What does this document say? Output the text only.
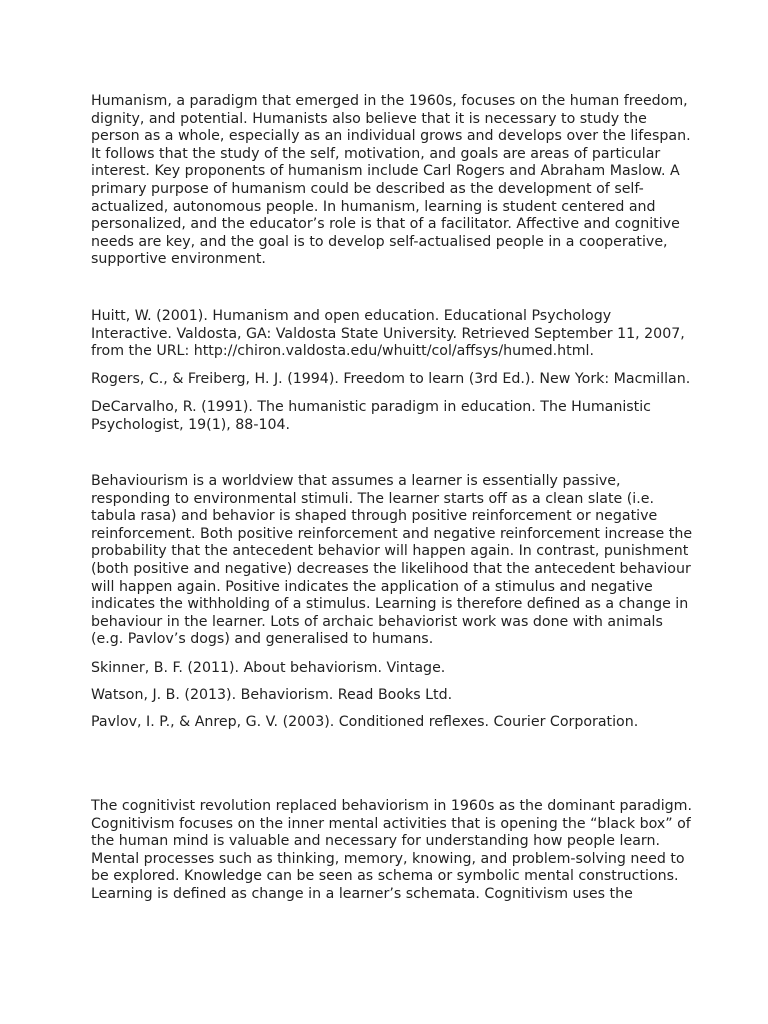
Humanism, a paradigm that emerged in the 1960s, focuses on the human freedom,
dignity, and potential. Humanists also believe that it is necessary to study the
person as a whole, especially as an individual grows and develops over the lifespan.
It follows that the study of the self, motivation, and goals are areas of particular
interest. Key proponents of humanism include Carl Rogers and Abraham Maslow. A
primary purpose of humanism could be described as the development of self-
actualized, autonomous people. In humanism, learning is student centered and
personalized, and the educator’s role is that of a facilitator. Affective and cognitive
needs are key, and the goal is to develop self-actualised people in a cooperative,
supportive environment.

Huitt, W. (2001). Humanism and open education. Educational Psychology
Interactive. Valdosta, GA: Valdosta State University. Retrieved September 11, 2007,
from the URL: http://chiron.valdosta.edu/whuitt/col/affsys/humed.html.

Rogers, C., & Freiberg, H. J. (1994). Freedom to learn (3rd Ed.). New York: Macmillan.

DeCarvalho, R. (1991). The humanistic paradigm in education. The Humanistic
Psychologist, 19(1), 88-104.

Behaviourism is a worldview that assumes a learner is essentially passive,
responding to environmental stimuli. The learner starts off as a clean slate (i.e.
tabula rasa) and behavior is shaped through positive reinforcement or negative
reinforcement. Both positive reinforcement and negative reinforcement increase the
probability that the antecedent behavior will happen again. In contrast, punishment
(both positive and negative) decreases the likelihood that the antecedent behaviour
will happen again. Positive indicates the application of a stimulus and negative
indicates the withholding of a stimulus. Learning is therefore defined as a change in
behaviour in the learner. Lots of archaic behaviorist work was done with animals
(e.g. Pavlov’s dogs) and generalised to humans.

Skinner, B. F. (2011). About behaviorism. Vintage.

Watson, J. B. (2013). Behaviorism. Read Books Ltd.

Pavlov, I. P., & Anrep, G. V. (2003). Conditioned reflexes. Courier Corporation.

The cognitivist revolution replaced behaviorism in 1960s as the dominant paradigm.
Cognitivism focuses on the inner mental activities that is opening the “black box” of
the human mind is valuable and necessary for understanding how people learn.
Mental processes such as thinking, memory, knowing, and problem-solving need to
be explored. Knowledge can be seen as schema or symbolic mental constructions.
Learning is defined as change in a learner’s schemata. Cognitivism uses the
